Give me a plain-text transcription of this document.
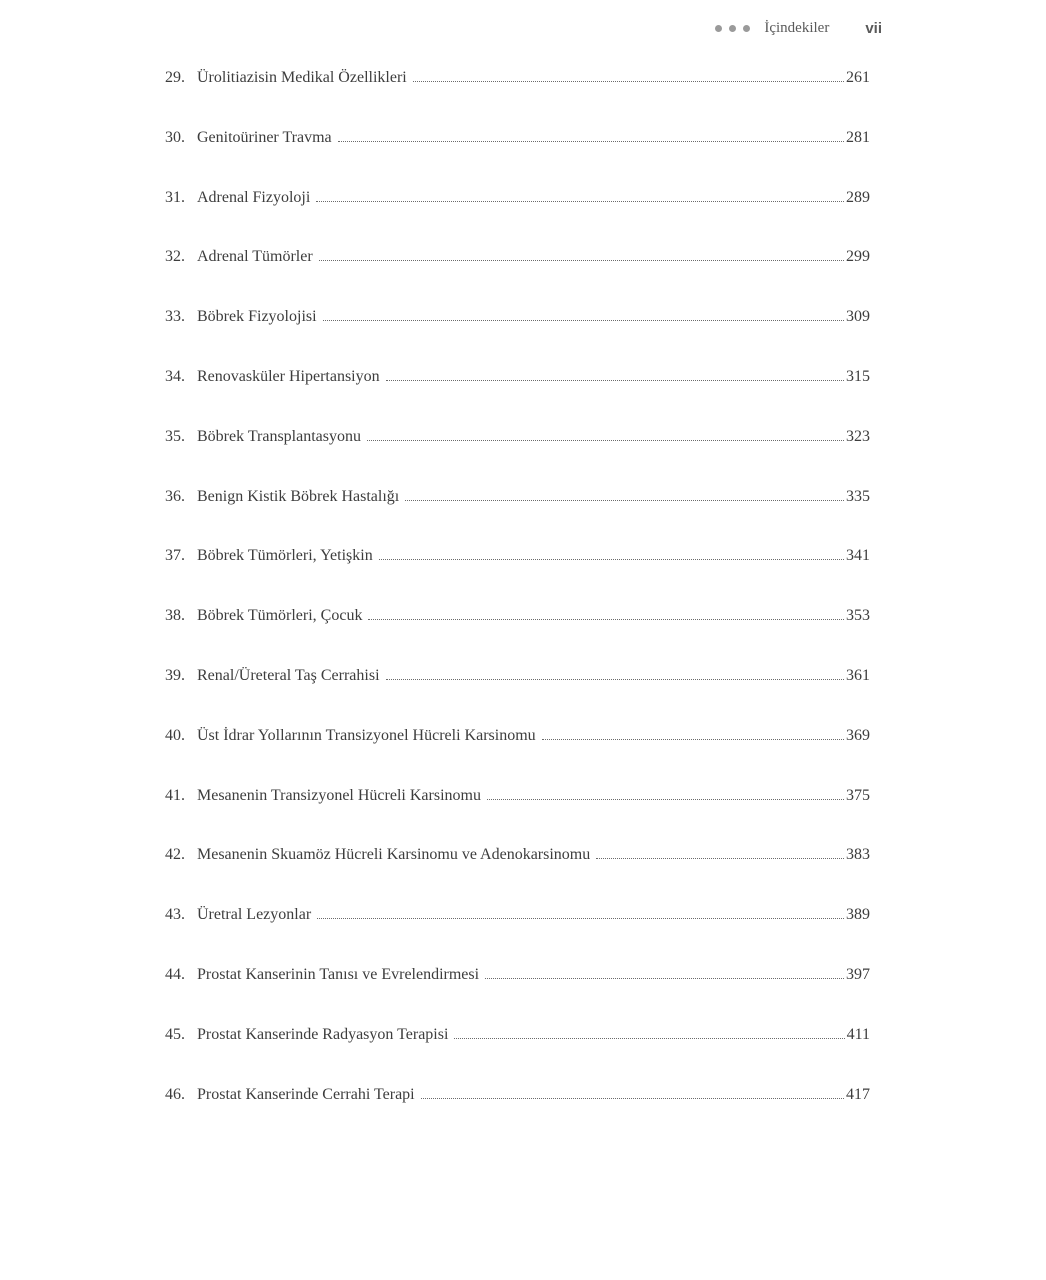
İçindekiler vii
29. Ürolitiazisin Medikal Özellikleri	261
30. Genitoüriner Travma	281
31. Adrenal Fizyoloji	289
32. Adrenal Tümörler	299
33. Böbrek Fizyolojisi	309
34. Renovasküler Hipertansiyon	315
35. Böbrek Transplantasyonu	323
36. Benign Kistik Böbrek Hastalığı	335
37. Böbrek Tümörleri, Yetişkin	341
38. Böbrek Tümörleri, Çocuk	353
39. Renal/Üreteral Taş Cerrahisi	361
40. Üst İdrar Yollarının Transizyonel Hücreli Karsinomu	369
41. Mesanenin Transizyonel Hücreli Karsinomu	375
42. Mesanenin Skuamöz Hücreli Karsinomu ve Adenokarsinomu	383
43. Üretral Lezyonlar	389
44. Prostat Kanserinin Tanısı ve Evrelendirmesi	397
45. Prostat Kanserinde Radyasyon Terapisi	411
46. Prostat Kanserinde Cerrahi Terapi	417
